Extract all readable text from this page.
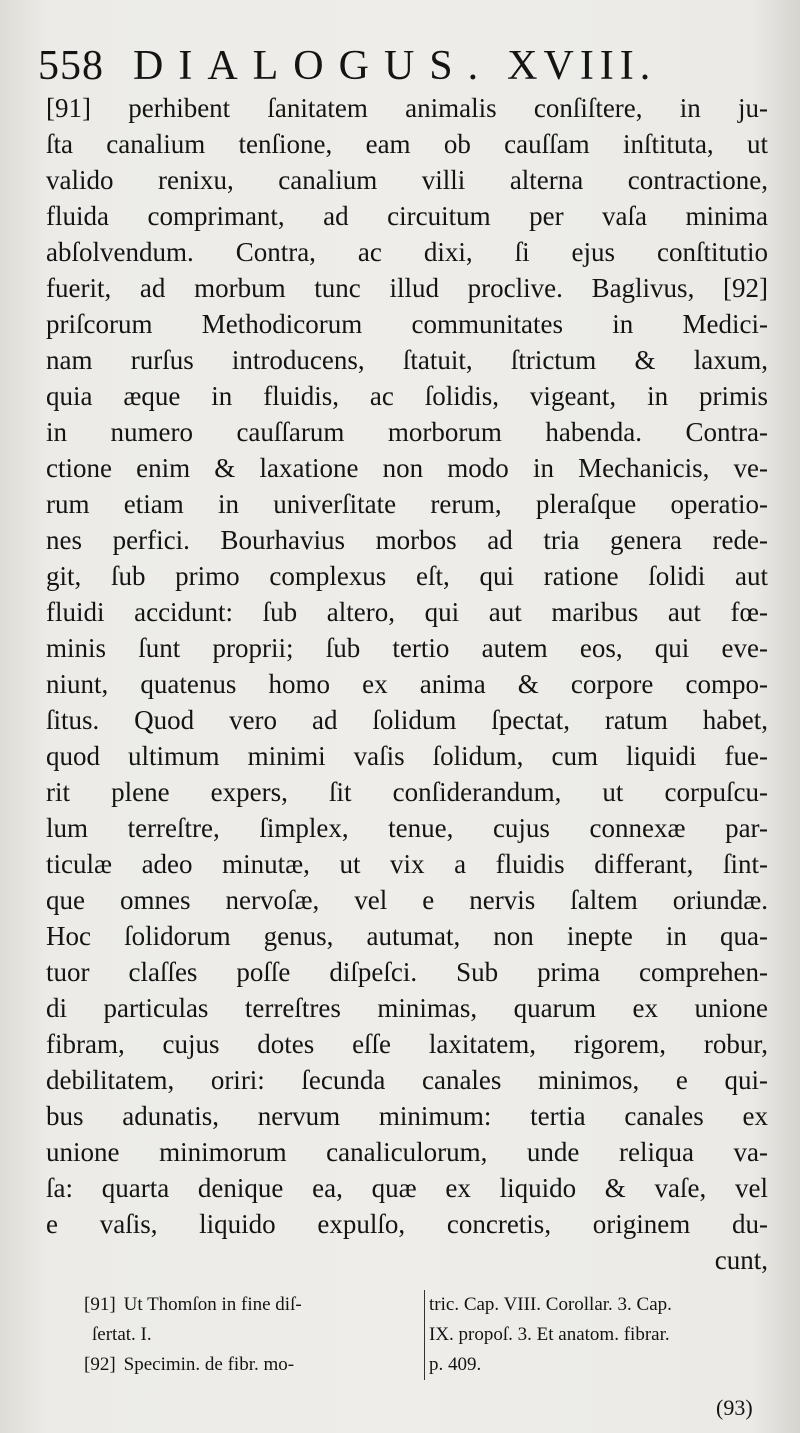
558 DIALOGUS. XVIII.
[91] perhibent ſanitatem animalis conſiſtere, in ju-
ſta canalium tenſione, eam ob cauſſam inſtituta, ut
valido renixu, canalium villi alterna contractione,
fluida comprimant, ad circuitum per vaſa minima
abſolvendum. Contra, ac dixi, ſi ejus conſtitutio
fuerit, ad morbum tunc illud proclive. Baglivus, [92]
priſcorum Methodicorum communitates in Medici-
nam rurſus introducens, ſtatuit, ſtrictum & laxum,
quia æque in fluidis, ac ſolidis, vigeant, in primis
in numero cauſſarum morborum habenda. Contra-
ctione enim & laxatione non modo in Mechanicis, ve-
rum etiam in univerſitate rerum, pleraſque operatio-
nes perfici. Bourhavius morbos ad tria genera rede-
git, ſub primo complexus eſt, qui ratione ſolidi aut
fluidi accidunt: ſub altero, qui aut maribus aut fœ-
minis ſunt proprii; ſub tertio autem eos, qui eve-
niunt, quatenus homo ex anima & corpore compo-
ſitus. Quod vero ad ſolidum ſpectat, ratum habet,
quod ultimum minimi vaſis ſolidum, cum liquidi fue-
rit plene expers, ſit conſiderandum, ut corpuſcu-
lum terreſtre, ſimplex, tenue, cujus connexæ par-
ticulæ adeo minutæ, ut vix a fluidis differant, ſint-
que omnes nervoſæ, vel e nervis ſaltem oriundæ.
Hoc ſolidorum genus, autumat, non inepte in qua-
tuor claſſes poſſe diſpeſci. Sub prima comprehen-
di particulas terreſtres minimas, quarum ex unione
fibram, cujus dotes eſſe laxitatem, rigorem, robur,
debilitatem, oriri: ſecunda canales minimos, e qui-
bus adunatis, nervum minimum: tertia canales ex
unione minimorum canaliculorum, unde reliqua va-
ſa: quarta denique ea, quæ ex liquido & vaſe, vel
e vaſis, liquido expulſo, concretis, originem du-
cunt,
[91] Ut Thomſon in fine diſ-
ſertat. I.
[92] Specimin. de fibr. mo-
tric. Cap. VIII. Corollar. 3. Cap.
IX. propoſ. 3. Et anatom. fibrar.
p. 409.
(93)
